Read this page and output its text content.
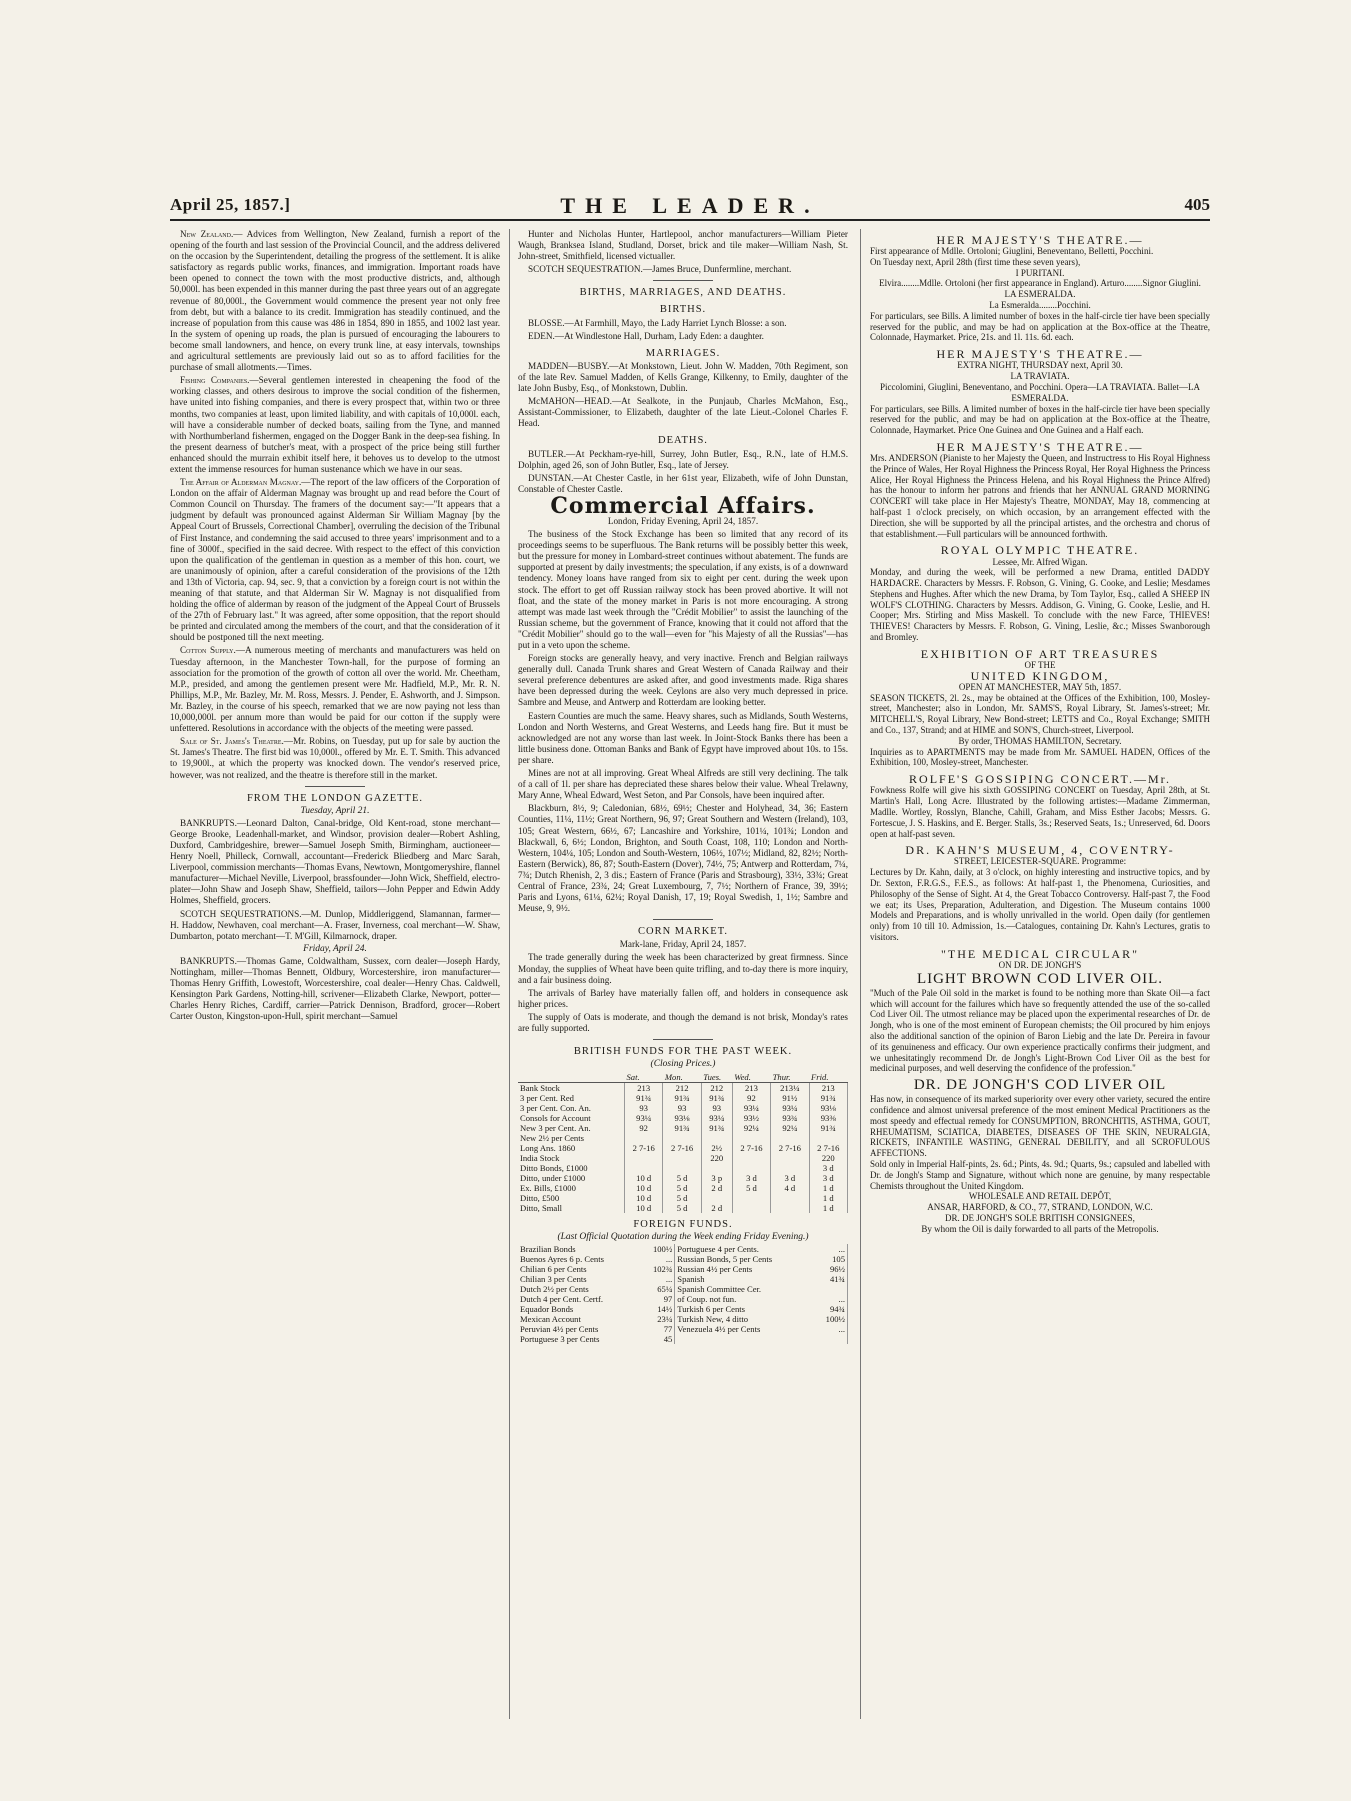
April 25, 1857.]	THE LEADER.	405

New Zealand.— Advices from Wellington, New Zealand, furnish a report of the opening of the fourth and last session of the Provincial Council, and the address delivered on the occasion by the Superintendent, detailing the progress of the settlement. It is alike satisfactory as regards public works, finances, and immigration. Important roads have been opened to connect the town with the most productive districts, and, although 50,000l. has been expended in this manner during the past three years out of an aggregate revenue of 80,000l., the Government would commence the present year not only free from debt, but with a balance to its credit. Immigration has steadily continued, and the increase of population from this cause was 486 in 1854, 890 in 1855, and 1002 last year. In the system of opening up roads, the plan is pursued of encouraging the labourers to become small landowners, and hence, on every trunk line, at easy intervals, townships and agricultural settlements are previously laid out so as to afford facilities for the purchase of small allotments.—Times.

Fishing Companies.—Several gentlemen interested in cheapening the food of the working classes, and others desirous to improve the social condition of the fishermen, have united into fishing companies, and there is every prospect that, within two or three months, two companies at least, upon limited liability, and with capitals of 10,000l. each, will have a considerable number of decked boats, sailing from the Tyne, and manned with Northumberland fishermen, engaged on the Dogger Bank in the deep-sea fishing. In the present dearness of butcher's meat, with a prospect of the price being still further enhanced should the murrain exhibit itself here, it behoves us to develop to the utmost extent the immense resources for human sustenance which we have in our seas.

The Affair of Alderman Magnay.—The report of the law officers of the Corporation of London on the affair of Alderman Magnay was brought up and read before the Court of Common Council on Thursday. The framers of the document say:—"It appears that a judgment by default was pronounced against Alderman Sir William Magnay [by the Appeal Court of Brussels, Correctional Chamber], overruling the decision of the Tribunal of First Instance, and condemning the said accused to three years' imprisonment and to a fine of 3000f., specified in the said decree. With respect to the effect of this conviction upon the qualification of the gentleman in question as a member of this hon. court, we are unanimously of opinion, after a careful consideration of the provisions of the 12th and 13th of Victoria, cap. 94, sec. 9, that a conviction by a foreign court is not within the meaning of that statute, and that Alderman Sir W. Magnay is not disqualified from holding the office of alderman by reason of the judgment of the Appeal Court of Brussels of the 27th of February last." It was agreed, after some opposition, that the report should be printed and circulated among the members of the court, and that the consideration of it should be postponed till the next meeting.

Cotton Supply.—A numerous meeting of merchants and manufacturers was held on Tuesday afternoon, in the Manchester Town-hall, for the purpose of forming an association for the promotion of the growth of cotton all over the world. Mr. Cheetham, M.P., presided, and among the gentlemen present were Mr. Hadfield, M.P., Mr. R. N. Phillips, M.P., Mr. Bazley, Mr. M. Ross, Messrs. J. Pender, E. Ashworth, and J. Simpson. Mr. Bazley, in the course of his speech, remarked that we are now paying not less than 10,000,000l. per annum more than would be paid for our cotton if the supply were unfettered. Resolutions in accordance with the objects of the meeting were passed.

Sale of St. James's Theatre.—Mr. Robins, on Tuesday, put up for sale by auction the St. James's Theatre. The first bid was 10,000l., offered by Mr. E. T. Smith. This advanced to 19,900l., at which the property was knocked down. The vendor's reserved price, however, was not realized, and the theatre is therefore still in the market.

FROM THE LONDON GAZETTE.
Tuesday, April 21.

BANKRUPTS.—Leonard Dalton, Canal-bridge, Old Kent-road, stone merchant—George Brooke, Leadenhall-market, and Windsor, provision dealer—Robert Ashling, Duxford, Cambridgeshire, brewer—Samuel Joseph Smith, Birmingham, auctioneer—Henry Noell, Philleck, Cornwall, accountant—Frederick Bliedberg and Marc Sarah, Liverpool, commission merchants—Thomas Evans, Newtown, Montgomeryshire, flannel manufacturer—Michael Neville, Liverpool, brassfounder—John Wick, Sheffield, electro-plater—John Shaw and Joseph Shaw, Sheffield, tailors—John Pepper and Edwin Addy Holmes, Sheffield, grocers.

SCOTCH SEQUESTRATIONS.—M. Dunlop, Middleriggend, Slamannan, farmer—H. Haddow, Newhaven, coal merchant—A. Fraser, Inverness, coal merchant—W. Shaw, Dumbarton, potato merchant—T. M'Gill, Kilmarnock, draper.

Friday, April 24.

BANKRUPTS.—Thomas Game, Coldwaltham, Sussex, corn dealer—Joseph Hardy, Nottingham, miller—Thomas Bennett, Oldbury, Worcestershire, iron manufacturer—Thomas Henry Griffith, Lowestoft, Worcestershire, coal dealer—Henry Chas. Caldwell, Kensington Park Gardens, Notting-hill, scrivener—Elizabeth Clarke, Newport, potter—Charles Henry Riches, Cardiff, carrier—Patrick Dennison, Bradford, grocer—Robert Carter Ouston, Kingston-upon-Hull, spirit merchant—Samuel

Hunter and Nicholas Hunter, Hartlepool, anchor manufacturers—William Pieter Waugh, Branksea Island, Studland, Dorset, brick and tile maker—William Nash, St. John-street, Smithfield, licensed victualler.

SCOTCH SEQUESTRATION.—James Bruce, Dunfermline, merchant.

BIRTHS, MARRIAGES, AND DEATHS.
BIRTHS.

BLOSSE.—At Farmhill, Mayo, the Lady Harriet Lynch Blosse: a son.

EDEN.—At Windlestone Hall, Durham, Lady Eden: a daughter.

MARRIAGES.

MADDEN—BUSBY.—At Monkstown, Lieut. John W. Madden, 70th Regiment, son of the late Rev. Samuel Madden, of Kells Grange, Kilkenny, to Emily, daughter of the late John Busby, Esq., of Monkstown, Dublin.

McMAHON—HEAD.—At Sealkote, in the Punjaub, Charles McMahon, Esq., Assistant-Commissioner, to Elizabeth, daughter of the late Lieut.-Colonel Charles F. Head.

DEATHS.

BUTLER.—At Peckham-rye-hill, Surrey, John Butler, Esq., R.N., late of H.M.S. Dolphin, aged 26, son of John Butler, Esq., late of Jersey.

DUNSTAN.—At Chester Castle, in her 61st year, Elizabeth, wife of John Dunstan, Constable of Chester Castle.

Commercial Affairs.

London, Friday Evening, April 24, 1857.

The business of the Stock Exchange has been so limited that any record of its proceedings seems to be superfluous. The Bank returns will be possibly better this week, but the pressure for money in Lombard-street continues without abatement. The funds are supported at present by daily investments; the speculation, if any exists, is of a downward tendency. Money loans have ranged from six to eight per cent. during the week upon stock. The effort to get off Russian railway stock has been proved abortive. It will not float, and the state of the money market in Paris is not more encouraging. A strong attempt was made last week through the "Crédit Mobilier" to assist the launching of the Russian scheme, but the government of France, knowing that it could not afford that the "Crédit Mobilier" should go to the wall—even for "his Majesty of all the Russias"—has put in a veto upon the scheme.

Foreign stocks are generally heavy, and very inactive. French and Belgian railways generally dull. Canada Trunk shares and Great Western of Canada Railway and their several preference debentures are asked after, and good investments made. Riga shares have been depressed during the week. Ceylons are also very much depressed in price. Sambre and Meuse, and Antwerp and Rotterdam are looking better.

Eastern Counties are much the same. Heavy shares, such as Midlands, South Westerns, London and North Westerns, and Great Westerns, and Leeds hang fire. But it must be acknowledged are not any worse than last week. In Joint-Stock Banks there has been a little business done. Ottoman Banks and Bank of Egypt have improved about 10s. to 15s. per share.

Mines are not at all improving. Great Wheal Alfreds are still very declining. The talk of a call of 1l. per share has depreciated these shares below their value. Wheal Trelawny, Mary Anne, Wheal Edward, West Seton, and Par Consols, have been inquired after.

Blackburn, 8½, 9; Caledonian, 68½, 69½; Chester and Holyhead, 34, 36; Eastern Counties, 11¼, 11½; Great Northern, 96, 97; Great Southern and Western (Ireland), 103, 105; Great Western, 66½, 67; Lancashire and Yorkshire, 101¼, 101¾; London and Blackwall, 6, 6½; London, Brighton, and South Coast, 108, 110; London and North-Western, 104¼, 105; London and South-Western, 106½, 107½; Midland, 82, 82½; North-Eastern (Berwick), 86, 87; South-Eastern (Dover), 74½, 75; Antwerp and Rotterdam, 7¼, 7¾; Dutch Rhenish, 2, 3 dis.; Eastern of France (Paris and Strasbourg), 33½, 33¾; Great Central of France, 23¾, 24; Great Luxembourg, 7, 7½; Northern of France, 39, 39½; Paris and Lyons, 61¼, 62¼; Royal Danish, 17, 19; Royal Swedish, 1, 1½; Sambre and Meuse, 9, 9½.

CORN MARKET.

Mark-lane, Friday, April 24, 1857.

The trade generally during the week has been characterized by great firmness. Since Monday, the supplies of Wheat have been quite trifling, and to-day there is more inquiry, and a fair business doing.

The arrivals of Barley have materially fallen off, and holders in consequence ask higher prices.

The supply of Oats is moderate, and though the demand is not brisk, Monday's rates are fully supported.

BRITISH FUNDS FOR THE PAST WEEK.
(Closing Prices.)
	Sat.	Mon.	Tues.	Wed.	Thur.	Frid.
Bank Stock	213	212	212	213	213¼	213
3 per Cent. Red	91¾	91¾	91¾	92	91½	91¾
3 per Cent. Con. An.	93	93	93	93¼	93¼	93⅛
Consols for Account	93¼	93⅛	93¼	93½	93¾	93⅜
New 3 per Cent. An.	92	91¾	91¾	92¼	92¼	91¾
New 2½ per Cents						
Long Ans. 1860	2 7-16	2 7-16	2½	2 7-16	2 7-16	2 7-16
India Stock			220			220
Ditto Bonds, £1000						3 d
Ditto, under £1000	10 d	5 d	3 p	3 d	3 d	3 d
Ex. Bills, £1000	10 d	5 d	2 d	5 d	4 d	1 d
Ditto, £500	10 d	5 d				1 d
Ditto, Small	10 d	5 d	2 d			1 d
FOREIGN FUNDS.
(Last Official Quotation during the Week ending Friday Evening.)
Brazilian Bonds	100½	Portuguese 4 per Cents.	...
Buenos Ayres 6 p. Cents	...	Russian Bonds, 5 per Cents	105
Chilian 6 per Cents	102¾	Russian 4½ per Cents	96½
Chilian 3 per Cents	...	Spanish	41¾
Dutch 2½ per Cents	65¼	Spanish Committee Cer.	
Dutch 4 per Cent. Certf.	97	of Coup. not fun.	...
Equador Bonds	14½	Turkish 6 per Cents	94¾
Mexican Account	23¼	Turkish New, 4 ditto	100½
Peruvian 4½ per Cents	77	Venezuela 4½ per Cents	...
Portuguese 3 per Cents	45		
HER MAJESTY'S THEATRE.—
First appearance of Mdlle. Ortoloni; Giuglini, Beneventano, Belletti, Pocchini.
On Tuesday next, April 28th (first time these seven years),
I PURITANI.
Elvira........Mdlle. Ortoloni (her first appearance in England). Arturo........Signor Giuglini.
LA ESMERALDA.
La Esmeralda........Pocchini.
For particulars, see Bills. A limited number of boxes in the half-circle tier have been specially reserved for the public, and may be had on application at the Box-office at the Theatre, Colonnade, Haymarket. Price, 21s. and 1l. 11s. 6d. each.
HER MAJESTY'S THEATRE.—
EXTRA NIGHT, THURSDAY next, April 30.
LA TRAVIATA.
Piccolomini, Giuglini, Beneventano, and Pocchini. Opera—LA TRAVIATA. Ballet—LA ESMERALDA.
For particulars, see Bills. A limited number of boxes in the half-circle tier have been specially reserved for the public, and may be had on application at the Box-office at the Theatre, Colonnade, Haymarket. Price One Guinea and One Guinea and a Half each.
HER MAJESTY'S THEATRE.—
Mrs. ANDERSON (Pianiste to her Majesty the Queen, and Instructress to His Royal Highness the Prince of Wales, Her Royal Highness the Princess Royal, Her Royal Highness the Princess Alice, Her Royal Highness the Princess Helena, and his Royal Highness the Prince Alfred) has the honour to inform her patrons and friends that her ANNUAL GRAND MORNING CONCERT will take place in Her Majesty's Theatre, MONDAY, May 18, commencing at half-past 1 o'clock precisely, on which occasion, by an arrangement effected with the Direction, she will be supported by all the principal artistes, and the orchestra and chorus of that establishment.—Full particulars will be announced forthwith.
ROYAL OLYMPIC THEATRE.
Lessee, Mr. Alfred Wigan.
Monday, and during the week, will be performed a new Drama, entitled DADDY HARDACRE. Characters by Messrs. F. Robson, G. Vining, G. Cooke, and Leslie; Mesdames Stephens and Hughes. After which the new Drama, by Tom Taylor, Esq., called A SHEEP IN WOLF'S CLOTHING. Characters by Messrs. Addison, G. Vining, G. Cooke, Leslie, and H. Cooper; Mrs. Stirling and Miss Maskell. To conclude with the new Farce, THIEVES! THIEVES! Characters by Messrs. F. Robson, G. Vining, Leslie, &c.; Misses Swanborough and Bromley.
EXHIBITION OF ART TREASURES
OF THE
UNITED KINGDOM,
OPEN AT MANCHESTER, MAY 5th, 1857.
SEASON TICKETS, 2l. 2s., may be obtained at the Offices of the Exhibition, 100, Mosley-street, Manchester; also in London, Mr. SAMS'S, Royal Library, St. James's-street; Mr. MITCHELL'S, Royal Library, New Bond-street; LETTS and Co., Royal Exchange; SMITH and Co., 137, Strand; and at HIME and SON'S, Church-street, Liverpool.
By order, THOMAS HAMILTON, Secretary.
Inquiries as to APARTMENTS may be made from Mr. SAMUEL HADEN, Offices of the Exhibition, 100, Mosley-street, Manchester.
ROLFE'S GOSSIPING CONCERT.—Mr.
Fowkness Rolfe will give his sixth GOSSIPING CONCERT on Tuesday, April 28th, at St. Martin's Hall, Long Acre. Illustrated by the following artistes:—Madame Zimmerman, Madlle. Wortley, Rosslyn, Blanche, Cahill, Graham, and Miss Esther Jacobs; Messrs. G. Fortescue, J. S. Haskins, and E. Berger. Stalls, 3s.; Reserved Seats, 1s.; Unreserved, 6d. Doors open at half-past seven.
DR. KAHN'S MUSEUM, 4, COVENTRY-
STREET, LEICESTER-SQUARE. Programme:
Lectures by Dr. Kahn, daily, at 3 o'clock, on highly interesting and instructive topics, and by Dr. Sexton, F.R.G.S., F.E.S., as follows: At half-past 1, the Phenomena, Curiosities, and Philosophy of the Sense of Sight. At 4, the Great Tobacco Controversy. Half-past 7, the Food we eat; its Uses, Preparation, Adulteration, and Digestion. The Museum contains 1000 Models and Preparations, and is wholly unrivalled in the world. Open daily (for gentlemen only) from 10 till 10. Admission, 1s.—Catalogues, containing Dr. Kahn's Lectures, gratis to visitors.
"THE MEDICAL CIRCULAR"
ON DR. DE JONGH'S
LIGHT BROWN COD LIVER OIL.
"Much of the Pale Oil sold in the market is found to be nothing more than Skate Oil—a fact which will account for the failures which have so frequently attended the use of the so-called Cod Liver Oil. The utmost reliance may be placed upon the experimental researches of Dr. de Jongh, who is one of the most eminent of European chemists; the Oil procured by him enjoys also the additional sanction of the opinion of Baron Liebig and the late Dr. Pereira in favour of its genuineness and efficacy. Our own experience practically confirms their judgment, and we unhesitatingly recommend Dr. de Jongh's Light-Brown Cod Liver Oil as the best for medicinal purposes, and well deserving the confidence of the profession."
DR. DE JONGH'S COD LIVER OIL
Has now, in consequence of its marked superiority over every other variety, secured the entire confidence and almost universal preference of the most eminent Medical Practitioners as the most speedy and effectual remedy for CONSUMPTION, BRONCHITIS, ASTHMA, GOUT, RHEUMATISM, SCIATICA, DIABETES, DISEASES OF THE SKIN, NEURALGIA, RICKETS, INFANTILE WASTING, GENERAL DEBILITY, and all SCROFULOUS AFFECTIONS.
Sold only in Imperial Half-pints, 2s. 6d.; Pints, 4s. 9d.; Quarts, 9s.; capsuled and labelled with Dr. de Jongh's Stamp and Signature, without which none are genuine, by many respectable Chemists throughout the United Kingdom.
WHOLESALE AND RETAIL DEPÔT,
ANSAR, HARFORD, & CO., 77, STRAND, LONDON, W.C.
DR. DE JONGH'S SOLE BRITISH CONSIGNEES,
By whom the Oil is daily forwarded to all parts of the Metropolis.
